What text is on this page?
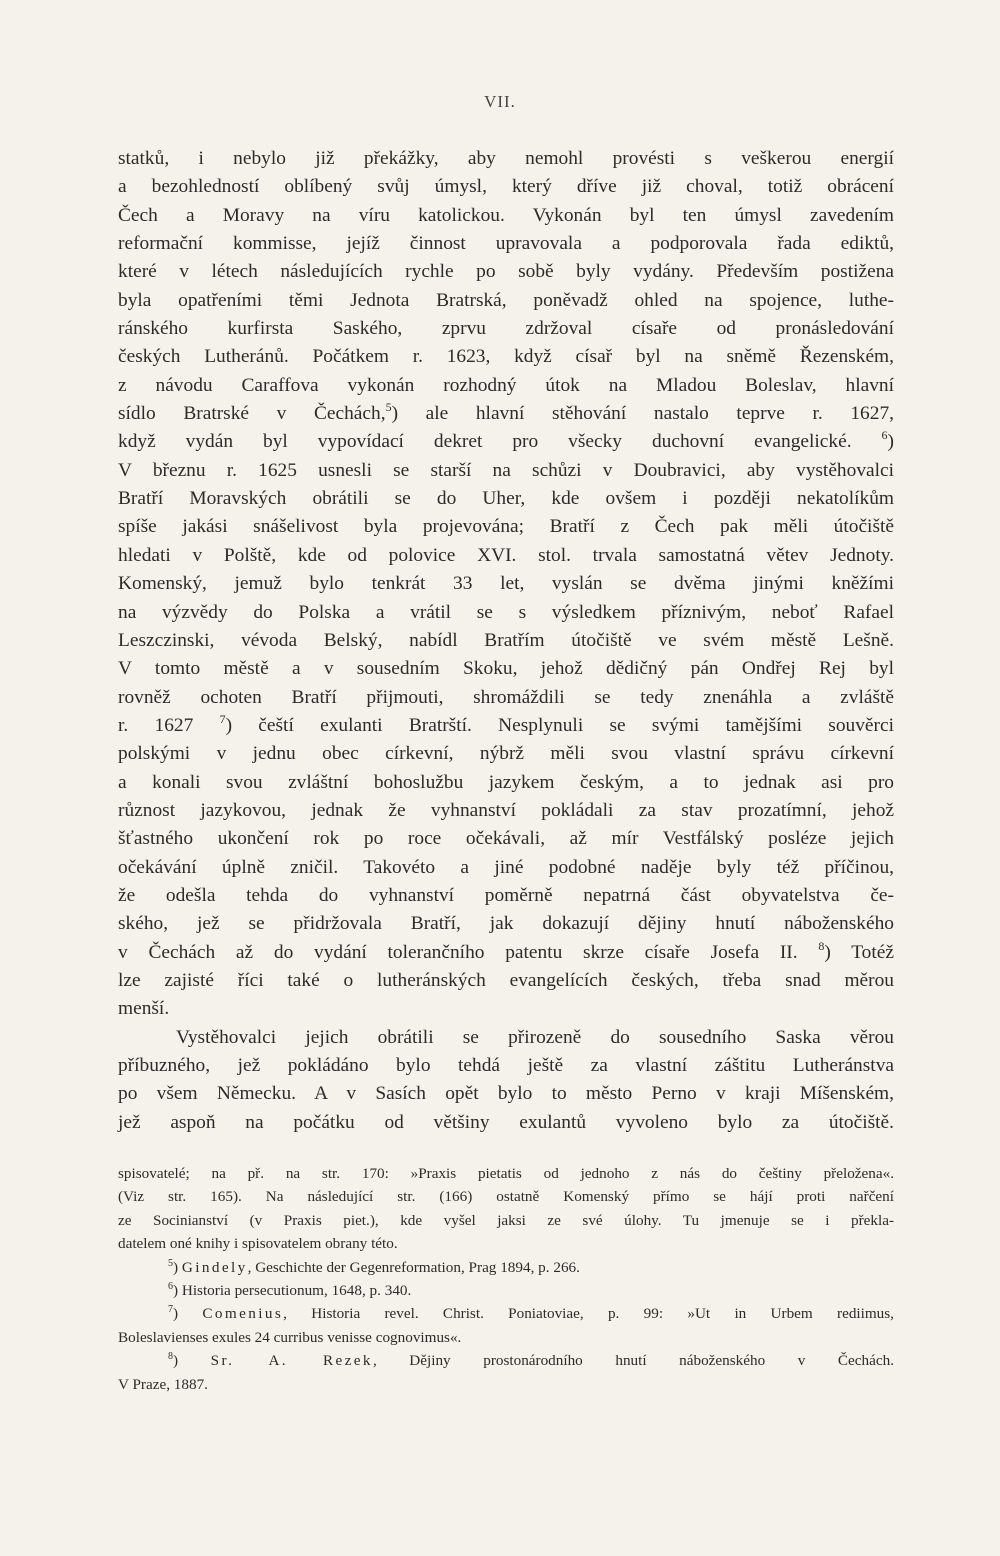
VII.
statků, i nebylo již překážky, aby nemohl provésti s veškerou energií
a bezohledností oblíbený svůj úmysl, který dříve již choval, totiž obrácení
Čech a Moravy na víru katolickou. Vykonán byl ten úmysl zavedením
reformační kommisse, jejíž činnost upravovala a podporovala řada ediktů,
které v létech následujících rychle po sobě byly vydány. Především postižena
byla opatřeními těmi Jednota Bratrská, poněvadž ohled na spojence, luthe-
ránského kurfirsta Saského, zprvu zdržoval císaře od pronásledování
českých Lutheránů. Počátkem r. 1623, když císař byl na sněmě Řezenském,
z návodu Caraffova vykonán rozhodný útok na Mladou Boleslav, hlavní
sídlo Bratrské v Čechách,$^5$) ale hlavní stěhování nastalo teprve r. 1627,
když vydán byl vypovídací dekret pro všecky duchovní evangelické. $^6$)
V březnu r. 1625 usnesli se starší na schůzi v Doubravici, aby vystěhovalci
Bratří Moravských obrátili se do Uher, kde ovšem i později nekatolíkům
spíše jakási snášelivost byla projevována; Bratří z Čech pak měli útočiště
hledati v Polště, kde od polovice XVI. stol. trvala samostatná větev Jednoty.
Komenský, jemuž bylo tenkrát 33 let, vyslán se dvěma jinými kněžími
na výzvědy do Polska a vrátil se s výsledkem příznivým, neboť Rafael
Leszczinski, vévoda Belský, nabídl Bratřím útočiště ve svém městě Lešně.
V tomto městě a v sousedním Skoku, jehož dědičný pán Ondřej Rej byl
rovněž ochoten Bratří přijmouti, shromáždili se tedy znenáhla a zvláště
r. 1627 $^7$) čeští exulanti Bratrští. Nesplynuli se svými tamějšími souvěrci
polskými v jednu obec církevní, nýbrž měli svou vlastní správu církevní
a konali svou zvláštní bohoslužbu jazykem českým, a to jednak asi pro
různost jazykovou, jednak že vyhnanství pokládali za stav prozatímní, jehož
šťastného ukončení rok po roce očekávali, až mír Vestfálský posléze jejich
očekávání úplně zničil. Takovéto a jiné podobné naděje byly též příčinou,
že odešla tehda do vyhnanství poměrně nepatrná část obyvatelstva če-
ského, jež se přidržovala Bratří, jak dokazují dějiny hnutí náboženského
v Čechách až do vydání tolerančního patentu skrze císaře Josefa II. $^8$) Totéž
lze zajisté říci také o lutheránských evangelících českých, třeba snad měrou
menší.
Vystěhovalci jejich obrátili se přirozeně do sousedního Saska věrou
příbuzného, jež pokládáno bylo tehdá ještě za vlastní záštitu Lutheránstva
po všem Německu. A v Sasích opět bylo to město Perno v kraji Míšenském,
jež aspoň na počátku od většiny exulantů vyvoleno bylo za útočiště.
spisovatelé; na př. na str. 170: »Praxis pietatis od jednoho z nás do češtiny přeložena«.
(Viz str. 165). Na následující str. (166) ostatně Komenský přímo se hájí proti nařčení
ze Socinianství (v Praxis piet.), kde vyšel jaksi ze své úlohy. Tu jmenuje se i překla-
datelem oné knihy i spisovatelem obrany této.
$^5$) Gindely, Geschichte der Gegenreformation, Prag 1894, p. 266.
$^6$) Historia persecutionum, 1648, p. 340.
$^7$) Comenius, Historia revel. Christ. Poniatoviae, p. 99: »Ut in Urbem rediimus,
Boleslavienses exules 24 curribus venisse cognovimus«.
$^8$) Sr. A. Rezek, Dějiny prostonárodního hnutí náboženského v Čechách.
V Praze, 1887.
